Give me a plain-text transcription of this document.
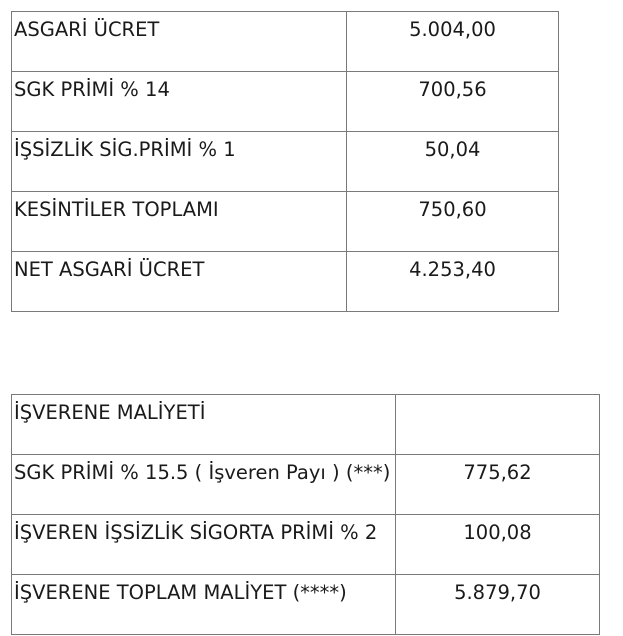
ASGARİ ÜCRET	5.004,00
SGK PRİMİ % 14	700,56
İŞSİZLİK SİG.PRİMİ % 1	50,04
KESİNTİLER TOPLAMI	750,60
NET ASGARİ ÜCRET	4.253,40
İŞVERENE MALİYETİ	
SGK PRİMİ % 15.5 ( İşveren Payı ) (***)	775,62
İŞVEREN İŞSİZLİK SİGORTA PRİMİ % 2	100,08
İŞVERENE TOPLAM MALİYET (****)	5.879,70
